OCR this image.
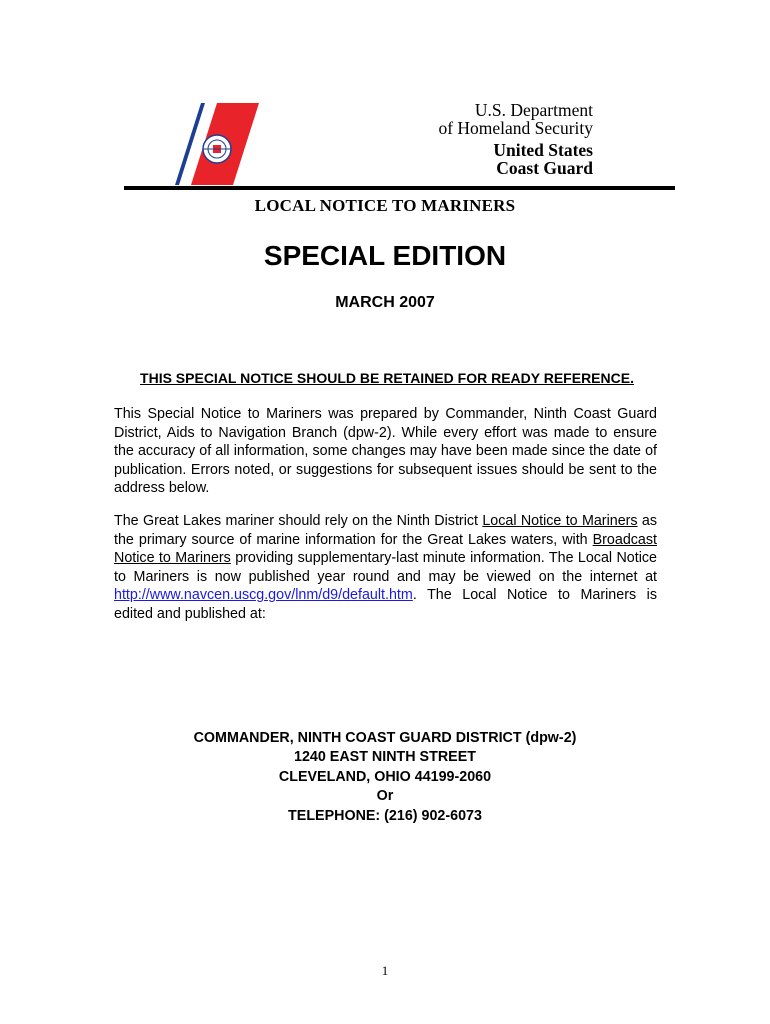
U.S. Department
of Homeland Security
United States
Coast Guard
LOCAL NOTICE TO MARINERS
SPECIAL EDITION
MARCH 2007
THIS SPECIAL NOTICE SHOULD BE RETAINED FOR READY REFERENCE.
This Special Notice to Mariners was prepared by Commander, Ninth Coast Guard District, Aids to Navigation Branch (dpw-2). While every effort was made to ensure the accuracy of all information, some changes may have been made since the date of publication. Errors noted, or suggestions for subsequent issues should be sent to the address below.
The Great Lakes mariner should rely on the Ninth District Local Notice to Mariners as the primary source of marine information for the Great Lakes waters, with Broadcast Notice to Mariners providing supplementary-last minute information. The Local Notice to Mariners is now published year round and may be viewed on the internet at http://www.navcen.uscg.gov/lnm/d9/default.htm. The Local Notice to Mariners is edited and published at:
COMMANDER, NINTH COAST GUARD DISTRICT (dpw-2)
1240 EAST NINTH STREET
CLEVELAND, OHIO 44199-2060
Or
TELEPHONE: (216) 902-6073
1
